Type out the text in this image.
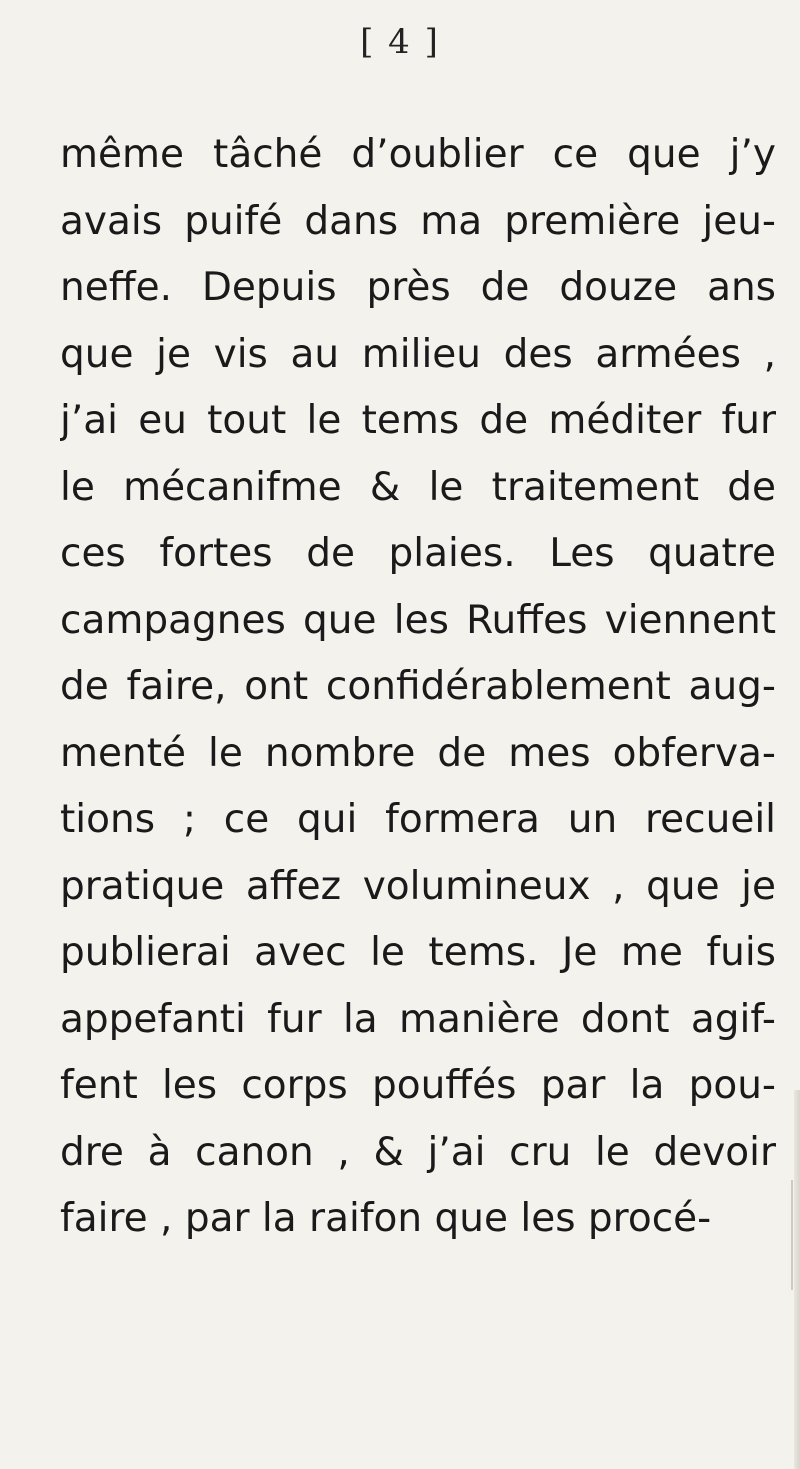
[ 4 ]
même tâché d’oublier ce que j’y
avais puifé dans ma première jeu-
neffe. Depuis près de douze ans
que je vis au milieu des armées ,
j’ai eu tout le tems de méditer fur
le mécanifme & le traitement de
ces fortes de plaies. Les quatre
campagnes que les Ruffes viennent
de faire, ont confidérablement aug-
menté le nombre de mes obferva-
tions ; ce qui formera un recueil
pratique affez volumineux , que je
publierai avec le tems. Je me fuis
appefanti fur la manière dont agif-
fent les corps pouffés par la pou-
dre à canon , & j’ai cru le devoir
faire , par la raifon que les procé-
